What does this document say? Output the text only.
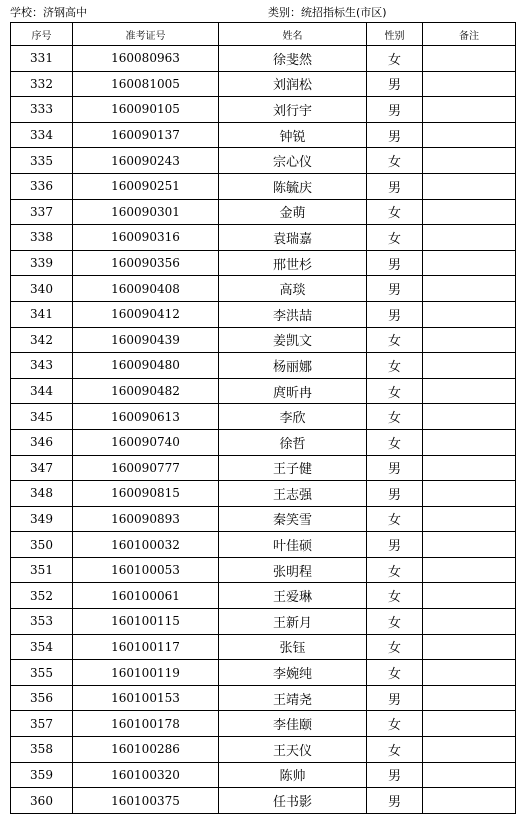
学校：济钢高中	类别：统招指标生(市区)
序号	准考证号	姓名	性别	备注
331	160080963	徐斐然	女	
332	160081005	刘润松	男	
333	160090105	刘行宇	男	
334	160090137	钟锐	男	
335	160090243	宗心仪	女	
336	160090251	陈毓庆	男	
337	160090301	金萌	女	
338	160090316	袁瑞嘉	女	
339	160090356	邢世杉	男	
340	160090408	高琰	男	
341	160090412	李洪喆	男	
342	160090439	姜凯文	女	
343	160090480	杨丽娜	女	
344	160090482	庹昕冉	女	
345	160090613	李欣	女	
346	160090740	徐哲	女	
347	160090777	王子健	男	
348	160090815	王志强	男	
349	160090893	秦笑雪	女	
350	160100032	叶佳硕	男	
351	160100053	张明程	女	
352	160100061	王爱琳	女	
353	160100115	王新月	女	
354	160100117	张钰	女	
355	160100119	李婉纯	女	
356	160100153	王靖尧	男	
357	160100178	李佳颐	女	
358	160100286	王天仪	女	
359	160100320	陈帅	男	
360	160100375	任书影	男	
